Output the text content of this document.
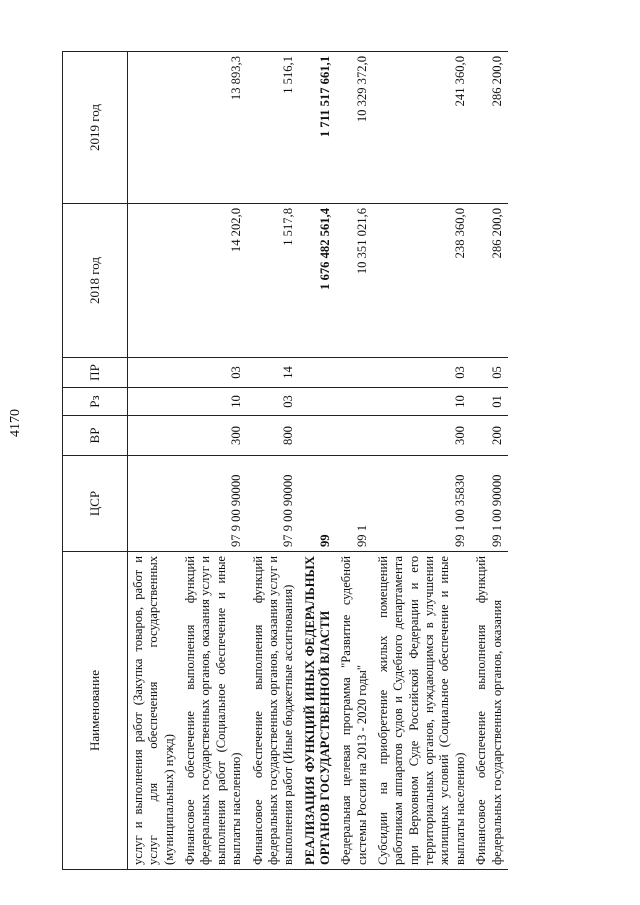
4170
Наименование	ЦСР	ВР	Рз	ПР	2018 год	2019 год
услуг и выполнения работ (Закупка товаров, работ и услуг для обеспечения государственных (муниципальных) нужд)						
Финансовое обеспечение выполнения функций федеральных государственных органов, оказания услуг и выполнения работ (Социальное обеспечение и иные выплаты населению)	97 9 00 90000	300	10	03	14 202,0	13 893,3
Финансовое обеспечение выполнения функций федеральных государственных органов, оказания услуг и выполнения работ (Иные бюджетные ассигнования)	97 9 00 90000	800	03	14	1 517,8	1 516,1
РЕАЛИЗАЦИЯ ФУНКЦИЙ ИНЫХ ФЕДЕРАЛЬНЫХ ОРГАНОВ ГОСУДАРСТВЕННОЙ ВЛАСТИ	99				1 676 482 561,4	1 711 517 661,1
Федеральная целевая программа "Развитие судебной системы России на 2013 - 2020 годы"	99 1				10 351 021,6	10 329 372,0
Субсидии на приобретение жилых помещений работникам аппаратов судов и Судебного департамента при Верховном Суде Российской Федерации и его территориальных органов, нуждающимся в улучшении жилищных условий (Социальное обеспечение и иные выплаты населению)	99 1 00 35830	300	10	03	238 360,0	241 360,0
Финансовое обеспечение выполнения функций федеральных государственных органов, оказания	99 1 00 90000	200	01	05	286 200,0	286 200,0
